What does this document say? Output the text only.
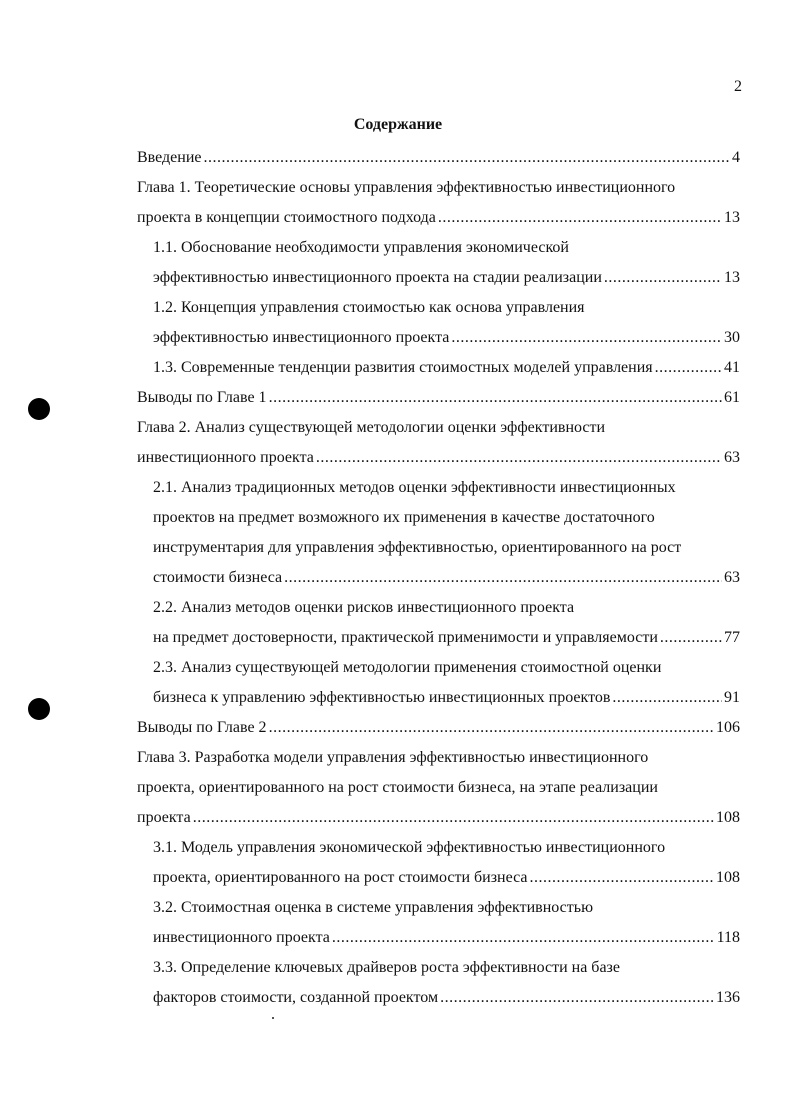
2
Содержание
Введение .....	4
Глава 1. Теоретические основы управления эффективностью инвестиционного
проекта в концепции стоимостного подхода .....	13
1.1. Обоснование необходимости управления экономической
эффективностью инвестиционного проекта на стадии реализации .....	13
1.2. Концепция управления стоимостью как основа управления
эффективностью инвестиционного проекта .....	30
1.3. Современные тенденции развития стоимостных моделей управления .....	41
Выводы по Главе 1 .....	61
Глава 2. Анализ существующей методологии оценки эффективности
инвестиционного проекта .....	63
2.1. Анализ традиционных методов оценки эффективности инвестиционных
проектов на предмет возможного их применения в качестве достаточного
инструментария для управления эффективностью, ориентированного на рост
стоимости бизнеса .....	63
2.2. Анализ методов оценки рисков инвестиционного проекта
на предмет достоверности, практической применимости и управляемости .....	77
2.3. Анализ существующей методологии применения стоимостной оценки
бизнеса к управлению эффективностью инвестиционных проектов .....	91
Выводы по Главе 2 .....	106
Глава 3. Разработка модели управления эффективностью инвестиционного
проекта, ориентированного на рост стоимости бизнеса, на этапе реализации
проекта .....	108
3.1. Модель управления экономической эффективностью инвестиционного
проекта, ориентированного на рост стоимости бизнеса .....	108
3.2. Стоимостная оценка в системе управления эффективностью
инвестиционного проекта .....	118
3.3. Определение ключевых драйверов роста эффективности на базе
факторов стоимости, созданной проектом .....	136
